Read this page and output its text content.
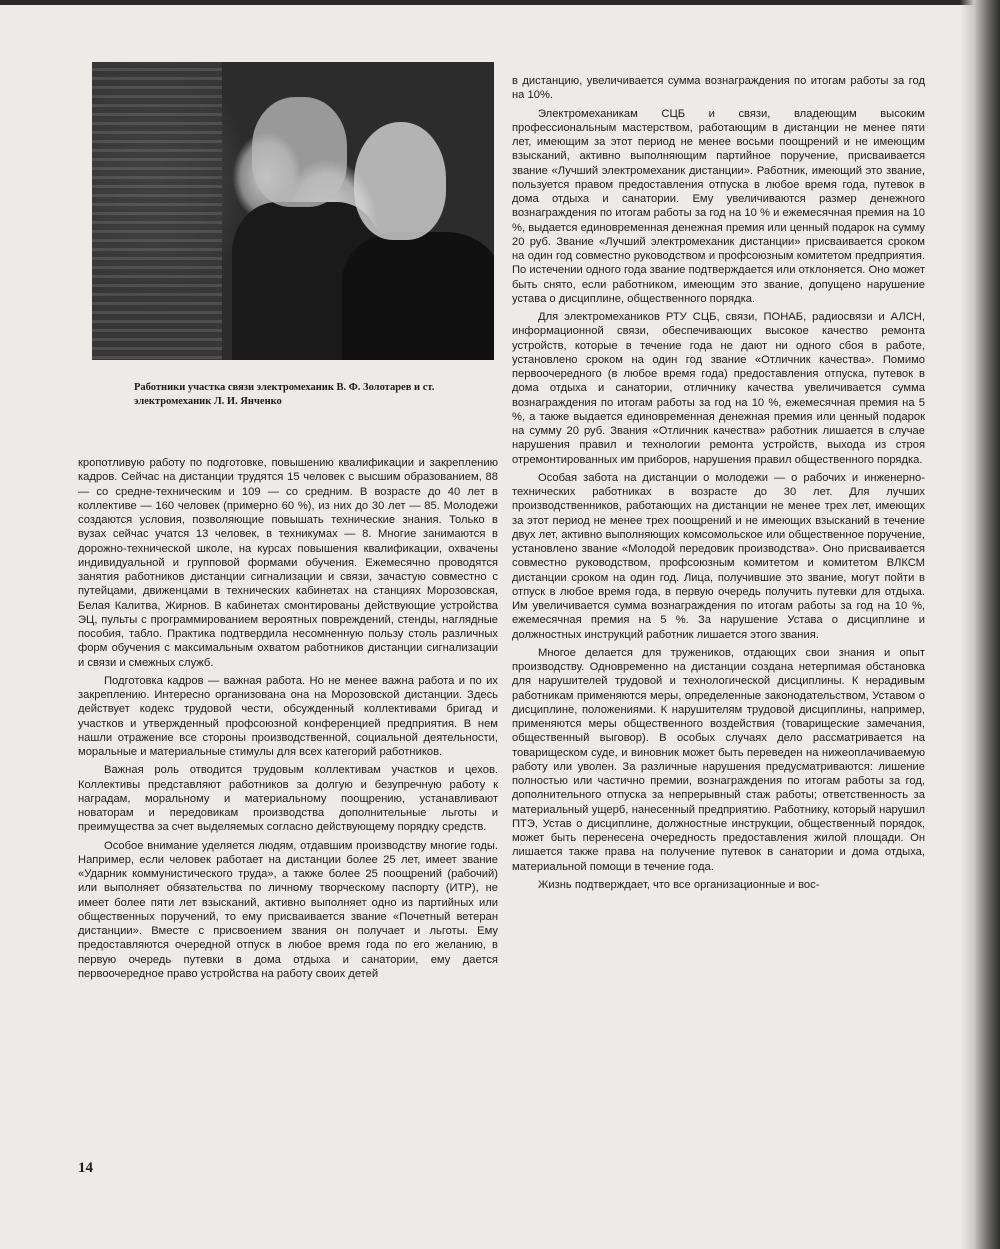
Работники участка связи электромеханик В. Ф. Золотарев и ст. электромеханик Л. И. Янченко

кропотливую работу по подготовке, повышению квалификации и закреплению кадров. Сейчас на дистанции трудятся 15 человек с высшим образованием, 88 — со средне-техническим и 109 — со средним. В возрасте до 40 лет в коллективе — 160 человек (примерно 60 %), из них до 30 лет — 85. Молодежи создаются условия, позволяющие повышать технические знания. Только в вузах сейчас учатся 13 человек, в техникумах — 8. Многие занимаются в дорожно-технической школе, на курсах повышения квалификации, охвачены индивидуальной и групповой формами обучения. Ежемесячно проводятся занятия работников дистанции сигнализации и связи, зачастую совместно с путейцами, движенцами в технических кабинетах на станциях Морозовская, Белая Калитва, Жирнов. В кабинетах смонтированы действующие устройства ЭЦ, пульты с программированием вероятных повреждений, стенды, наглядные пособия, табло. Практика подтвердила несомненную пользу столь различных форм обучения с максимальным охватом работников дистанции сигнализации и связи и смежных служб.

Подготовка кадров — важная работа. Но не менее важна работа и по их закреплению. Интересно организована она на Морозовской дистанции. Здесь действует кодекс трудовой чести, обсужденный коллективами бригад и участков и утвержденный профсоюзной конференцией предприятия. В нем нашли отражение все стороны производственной, социальной деятельности, моральные и материальные стимулы для всех категорий работников.

Важная роль отводится трудовым коллективам участков и цехов. Коллективы представляют работников за долгую и безупречную работу к наградам, моральному и материальному поощрению, устанавливают новаторам и передовикам производства дополнительные льготы и преимущества за счет выделяемых согласно действующему порядку средств.

Особое внимание уделяется людям, отдавшим производству многие годы. Например, если человек работает на дистанции более 25 лет, имеет звание «Ударник коммунистического труда», а также более 25 поощрений (рабочий) или выполняет обязательства по личному творческому паспорту (ИТР), не имеет более пяти лет взысканий, активно выполняет одно из партийных или общественных поручений, то ему присваивается звание «Почетный ветеран дистанции». Вместе с присвоением звания он получает и льготы. Ему предоставляются очередной отпуск в любое время года по его желанию, в первую очередь путевки в дома отдыха и санатории, ему дается первоочередное право устройства на работу своих детей

в дистанцию, увеличивается сумма вознаграждения по итогам работы за год на 10%.

Электромеханикам СЦБ и связи, владеющим высоким профессиональным мастерством, работающим в дистанции не менее пяти лет, имеющим за этот период не менее восьми поощрений и не имеющим взысканий, активно выполняющим партийное поручение, присваивается звание «Лучший электромеханик дистанции». Работник, имеющий это звание, пользуется правом предоставления отпуска в любое время года, путевок в дома отдыха и санатории. Ему увеличиваются размер денежного вознаграждения по итогам работы за год на 10 % и ежемесячная премия на 10 %, выдается единовременная денежная премия или ценный подарок на сумму 20 руб. Звание «Лучший электромеханик дистанции» присваивается сроком на один год совместно руководством и профсоюзным комитетом предприятия. По истечении одного года звание подтверждается или отклоняется. Оно может быть снято, если работником, имеющим это звание, допущено нарушение устава о дисциплине, общественного порядка.

Для электромехаников РТУ СЦБ, связи, ПОНАБ, радиосвязи и АЛСН, информационной связи, обеспечивающих высокое качество ремонта устройств, которые в течение года не дают ни одного сбоя в работе, установлено сроком на один год звание «Отличник качества». Помимо первоочередного (в любое время года) предоставления отпуска, путевок в дома отдыха и санатории, отличнику качества увеличивается сумма вознаграждения по итогам работы за год на 10 %, ежемесячная премия на 5 %, а также выдается единовременная денежная премия или ценный подарок на сумму 20 руб. Звания «Отличник качества» работник лишается в случае нарушения правил и технологии ремонта устройств, выхода из строя отремонтированных им приборов, нарушения правил общественного порядка.

Особая забота на дистанции о молодежи — о рабочих и инженерно-технических работниках в возрасте до 30 лет. Для лучших производственников, работающих на дистанции не менее трех лет, имеющих за этот период не менее трех поощрений и не имеющих взысканий в течение двух лет, активно выполняющих комсомольское или общественное поручение, установлено звание «Молодой передовик производства». Оно присваивается совместно руководством, профсоюзным комитетом и комитетом ВЛКСМ дистанции сроком на один год. Лица, получившие это звание, могут пойти в отпуск в любое время года, в первую очередь получить путевки для отдыха. Им увеличивается сумма вознаграждения по итогам работы за год на 10 %, ежемесячная премия на 5 %. За нарушение Устава о дисциплине и должностных инструкций работник лишается этого звания.

Многое делается для тружеников, отдающих свои знания и опыт производству. Одновременно на дистанции создана нетерпимая обстановка для нарушителей трудовой и технологической дисциплины. К нерадивым работникам применяются меры, определенные законодательством, Уставом о дисциплине, положениями. К нарушителям трудовой дисциплины, например, применяются меры общественного воздействия (товарищеские замечания, общественный выговор). В особых случаях дело рассматривается на товарищеском суде, и виновник может быть переведен на нижеоплачиваемую работу или уволен. За различные нарушения предусматриваются: лишение полностью или частично премии, вознаграждения по итогам работы за год, дополнительного отпуска за непрерывный стаж работы; ответственность за материальный ущерб, нанесенный предприятию. Работнику, который нарушил ПТЭ, Устав о дисциплине, должностные инструкции, общественный порядок, может быть перенесена очередность предоставления жилой площади. Он лишается также права на получение путевок в санатории и дома отдыха, материальной помощи в течение года.

Жизнь подтверждает, что все организационные и вос-

14
